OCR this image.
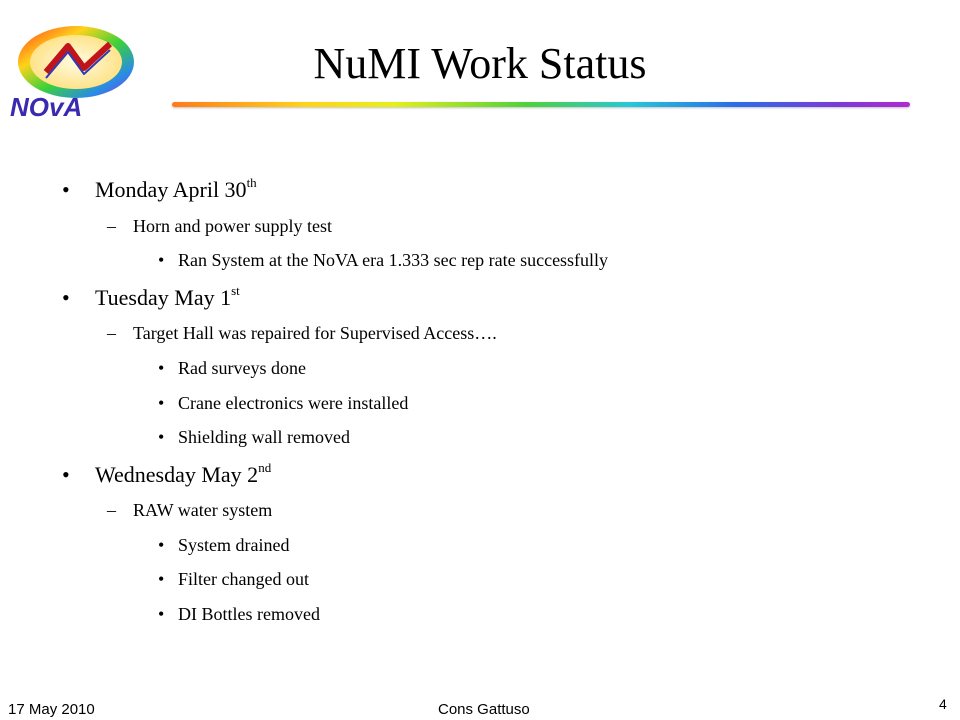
NOvA
NuMI Work Status
• Monday April 30th
– Horn and power supply test
• Ran System at the NoVA era 1.333 sec rep rate successfully
• Tuesday May 1st
– Target Hall was repaired for Supervised Access….
• Rad surveys done
• Crane electronics were installed
• Shielding wall removed
• Wednesday May 2nd
– RAW water system
• System drained
• Filter changed out
• DI Bottles removed
17 May 2010	Cons Gattuso	4
